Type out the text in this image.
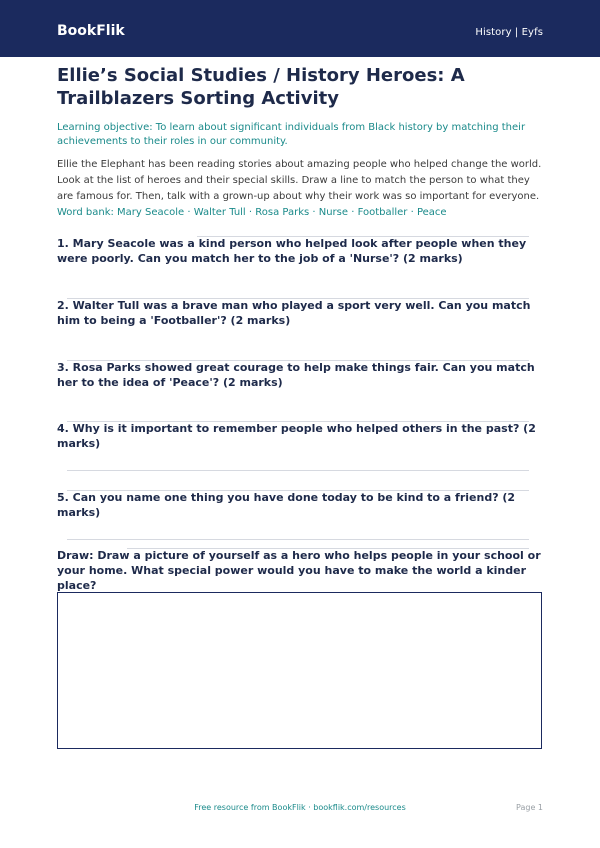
BookFlik	History | Eyfs
Ellie’s Social Studies / History Heroes: A Trailblazers Sorting Activity

Learning objective: To learn about significant individuals from Black history by matching their achievements to their roles in our community.

Ellie the Elephant has been reading stories about amazing people who helped change the world. Look at the list of heroes and their special skills. Draw a line to match the person to what they are famous for. Then, talk with a grown-up about why their work was so important for everyone.

Word bank: Mary Seacole · Walter Tull · Rosa Parks · Nurse · Footballer · Peace

1. Mary Seacole was a kind person who helped look after people when they were poorly. Can you match her to the job of a 'Nurse'? (2 marks)

2. Walter Tull was a brave man who played a sport very well. Can you match him to being a 'Footballer'? (2 marks)

3. Rosa Parks showed great courage to help make things fair. Can you match her to the idea of 'Peace'? (2 marks)

4. Why is it important to remember people who helped others in the past? (2 marks)

5. Can you name one thing you have done today to be kind to a friend? (2 marks)

Draw: Draw a picture of yourself as a hero who helps people in your school or your home. What special power would you have to make the world a kinder place?

Free resource from BookFlik · bookflik.com/resources	Page 1
